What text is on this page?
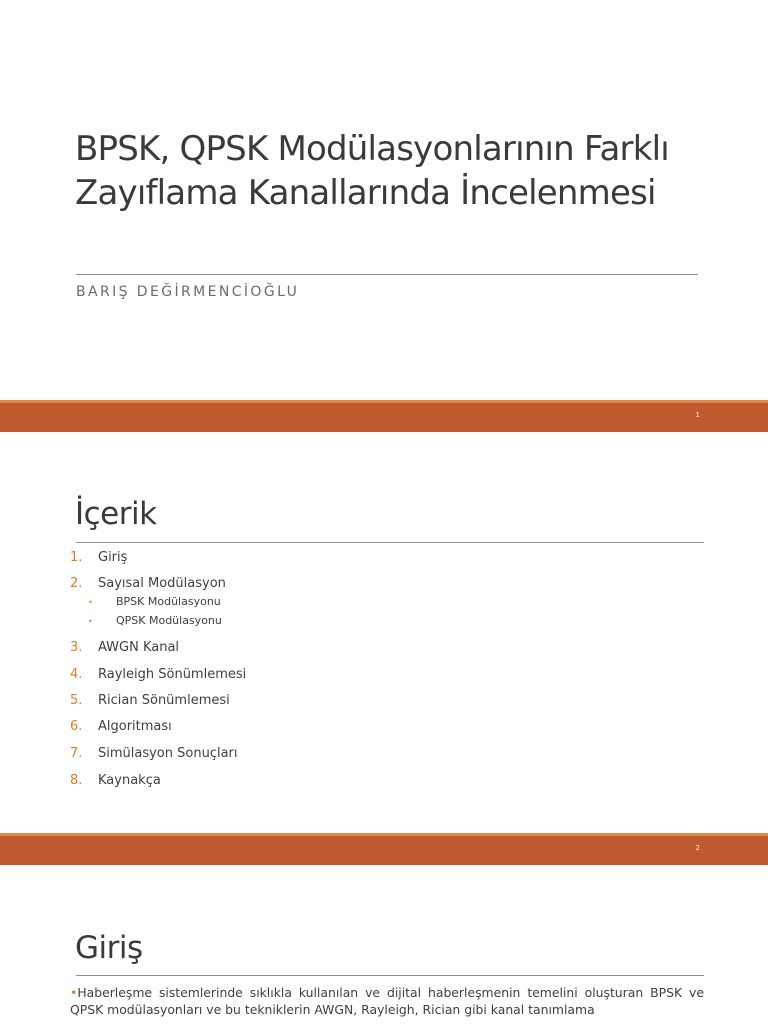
BPSK, QPSK Modülasyonlarının Farklı
Zayıflama Kanallarında İncelenmesi
BARIŞ DEĞİRMENCİOĞLU
1
İçerik
1. Giriş
2. Sayısal Modülasyon
• BPSK Modülasyonu
• QPSK Modülasyonu
3. AWGN Kanal
4. Rayleigh Sönümlemesi
5. Rician Sönümlemesi
6. Algoritması
7. Simülasyon Sonuçları
8. Kaynakça
2
Giriş
•Haberleşme sistemlerinde sıklıkla kullanılan ve dijital haberleşmenin temelini oluşturan BPSK ve QPSK modülasyonları ve bu tekniklerin AWGN, Rayleigh, Rician gibi kanal tanımlama
